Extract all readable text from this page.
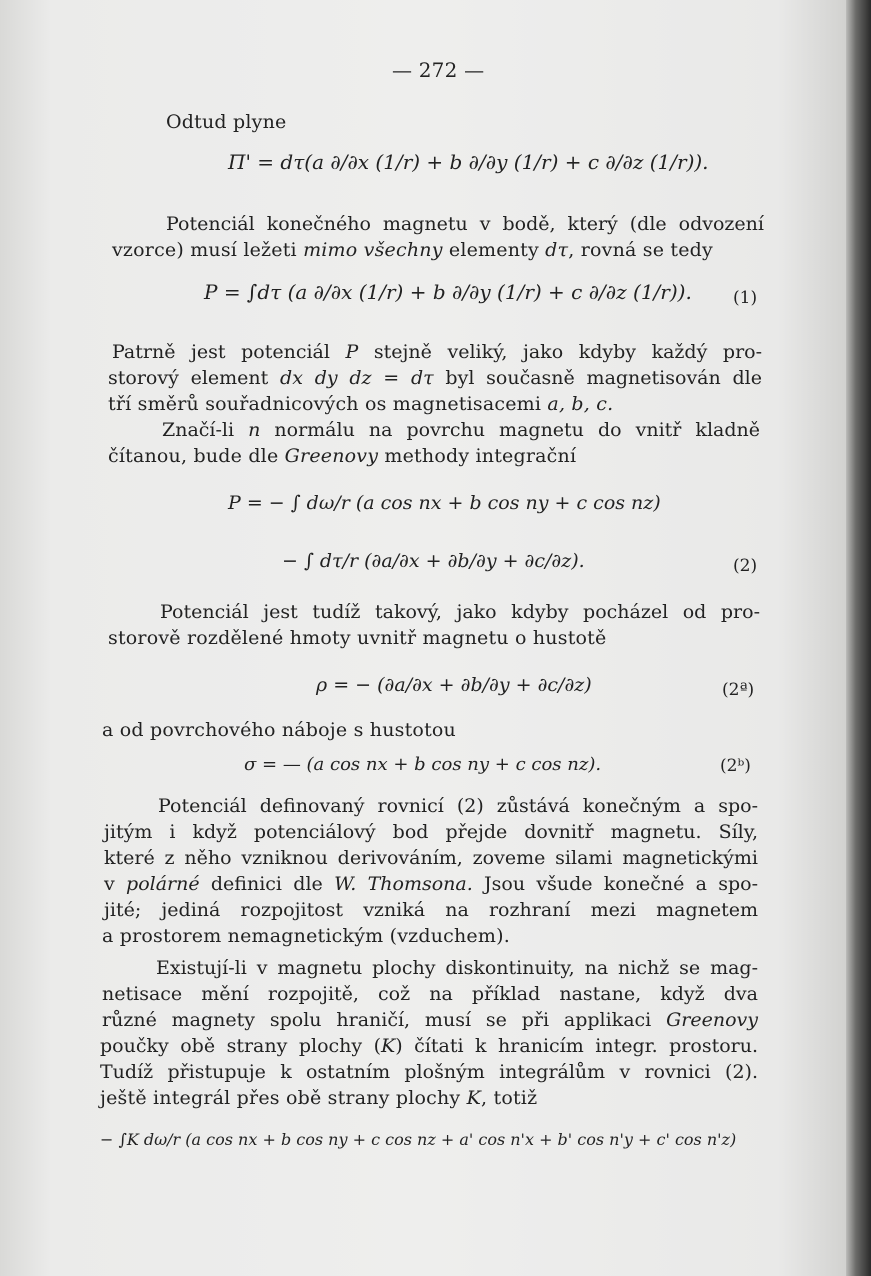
— 272 —
Odtud plyne
Π' = dτ(a ∂/∂x (1/r) + b ∂/∂y (1/r) + c ∂/∂z (1/r)).
Potenciál konečného magnetu v bodě, který (dle odvození
vzorce) musí ležeti mimo všechny elementy dτ, rovná se tedy
P = ∫dτ (a ∂/∂x (1/r) + b ∂/∂y (1/r) + c ∂/∂z (1/r)). (1)
Patrně jest potenciál P stejně veliký, jako kdyby každý pro-
storový element dx dy dz = dτ byl současně magnetisován dle
tří směrů souřadnicových os magnetisacemi a, b, c.
Značí-li n normálu na povrchu magnetu do vnitř kladně
čítanou, bude dle Greenovy methody integrační
P = − ∫ dω/r (a cos nx + b cos ny + c cos nz)
− ∫ dτ/r (∂a/∂x + ∂b/∂y + ∂c/∂z).	(2)
Potenciál jest tudíž takový, jako kdyby pocházel od pro-
storově rozdělené hmoty uvnitř magnetu o hustotě
ρ = − (∂a/∂x + ∂b/∂y + ∂c/∂z)	(2ª)
a od povrchového náboje s hustotou
σ = — (a cos nx + b cos ny + c cos nz).	(2ᵇ)
Potenciál definovaný rovnicí (2) zůstává konečným a spo-
jitým i když potenciálový bod přejde dovnitř magnetu. Síly,
které z něho vzniknou derivováním, zoveme silami magnetickými
v polárné definici dle W. Thomsona. Jsou všude konečné a spo-
jité; jediná rozpojitost vzniká na rozhraní mezi magnetem
a prostorem nemagnetickým (vzduchem).
Existují-li v magnetu plochy diskontinuity, na nichž se mag-
netisace mění rozpojitě, což na příklad nastane, když dva
různé magnety spolu hraničí, musí se při applikaci Greenovy
poučky obě strany plochy (K) čítati k hranicím integr. prostoru.
Tudíž přistupuje k ostatním plošným integrálům v rovnici (2).
ještě integrál přes obě strany plochy K, totiž
− ∫K dω/r (a cos nx + b cos ny + c cos nz + a' cos n'x + b' cos n'y + c' cos n'z)
